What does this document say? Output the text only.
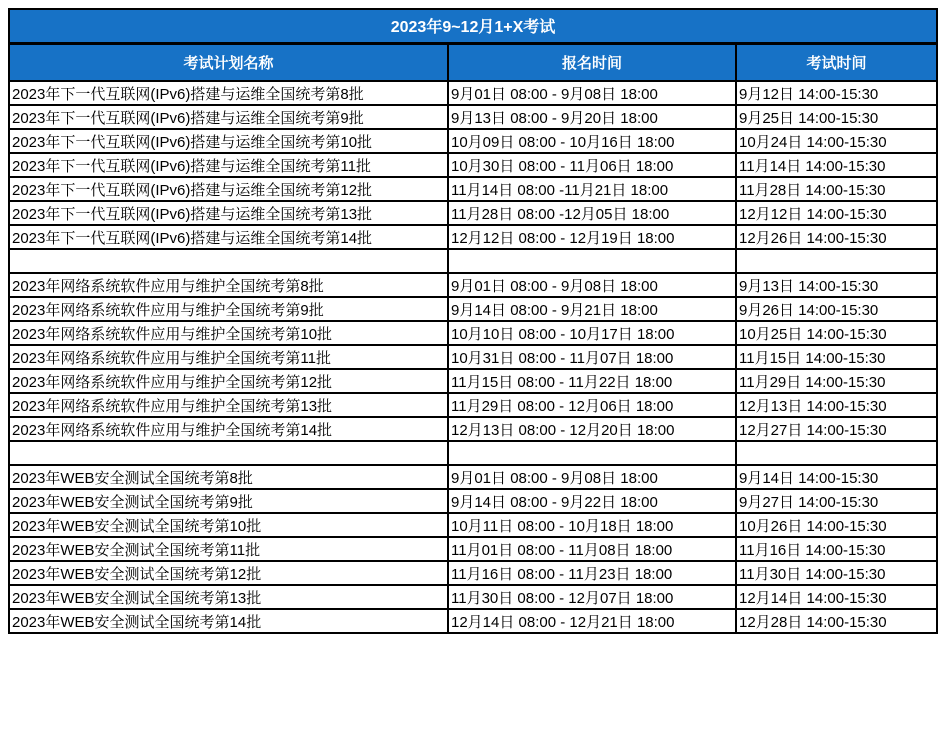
2023年9~12月1+X考试		
考试计划名称	报名时间	考试时间
2023年下一代互联网(IPv6)搭建与运维全国统考第8批	9月01日 08:00 - 9月08日 18:00	9月12日 14:00-15:30
2023年下一代互联网(IPv6)搭建与运维全国统考第9批	9月13日 08:00 - 9月20日 18:00	9月25日 14:00-15:30
2023年下一代互联网(IPv6)搭建与运维全国统考第10批	10月09日 08:00 - 10月16日 18:00	10月24日 14:00-15:30
2023年下一代互联网(IPv6)搭建与运维全国统考第11批	10月30日 08:00 - 11月06日 18:00	11月14日 14:00-15:30
2023年下一代互联网(IPv6)搭建与运维全国统考第12批	11月14日 08:00 -11月21日 18:00	11月28日 14:00-15:30
2023年下一代互联网(IPv6)搭建与运维全国统考第13批	11月28日 08:00 -12月05日 18:00	12月12日 14:00-15:30
2023年下一代互联网(IPv6)搭建与运维全国统考第14批	12月12日 08:00 - 12月19日 18:00	12月26日 14:00-15:30

2023年网络系统软件应用与维护全国统考第8批	9月01日 08:00 - 9月08日 18:00	9月13日 14:00-15:30
2023年网络系统软件应用与维护全国统考第9批	9月14日 08:00 - 9月21日 18:00	9月26日 14:00-15:30
2023年网络系统软件应用与维护全国统考第10批	10月10日 08:00 - 10月17日 18:00	10月25日 14:00-15:30
2023年网络系统软件应用与维护全国统考第11批	10月31日 08:00 - 11月07日 18:00	11月15日 14:00-15:30
2023年网络系统软件应用与维护全国统考第12批	11月15日 08:00 - 11月22日 18:00	11月29日 14:00-15:30
2023年网络系统软件应用与维护全国统考第13批	11月29日 08:00 - 12月06日 18:00	12月13日 14:00-15:30
2023年网络系统软件应用与维护全国统考第14批	12月13日 08:00 - 12月20日 18:00	12月27日 14:00-15:30

2023年WEB安全测试全国统考第8批	9月01日 08:00 - 9月08日 18:00	9月14日 14:00-15:30
2023年WEB安全测试全国统考第9批	9月14日 08:00 - 9月22日 18:00	9月27日 14:00-15:30
2023年WEB安全测试全国统考第10批	10月11日 08:00 - 10月18日 18:00	10月26日 14:00-15:30
2023年WEB安全测试全国统考第11批	11月01日 08:00 - 11月08日 18:00	11月16日 14:00-15:30
2023年WEB安全测试全国统考第12批	11月16日 08:00 - 11月23日 18:00	11月30日 14:00-15:30
2023年WEB安全测试全国统考第13批	11月30日 08:00 - 12月07日 18:00	12月14日 14:00-15:30
2023年WEB安全测试全国统考第14批	12月14日 08:00 - 12月21日 18:00	12月28日 14:00-15:30
